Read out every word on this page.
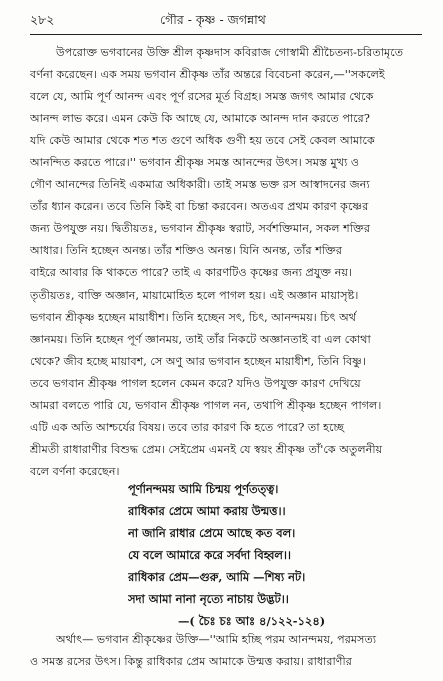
২৮২	গৌর - কৃষ্ণ - জগন্নাথ
উপরোক্ত ভগবানের উক্তি শ্রীল কৃষ্ণদাস কবিরাজ গোস্বামী শ্রীচৈতন্য-চরিতামৃতে
বর্ণনা করেছেন। এক সময় ভগবান শ্রীকৃষ্ণ তাঁর অন্তরে বিবেচনা করেন,—''সকলেই
বলে যে, আমি পূর্ণ আনন্দ এবং পূর্ণ রসের মূর্ত বিগ্রহ। সমস্ত জগৎ আমার থেকে
আনন্দ লাভ করে। এমন কেউ কি আছে যে, আমাকে আনন্দ দান করতে পারে?
যদি কেউ আমার থেকে শত শত গুণে অধিক গুণী হয় তবে সেই কেবল আমাকে
আনন্দিত করতে পারে।'' ভগবান শ্রীকৃষ্ণ সমস্ত আনন্দের উৎস। সমস্ত মুখ্য ও
গৌণ আনন্দের তিনিই একমাত্র অধিকারী। তাই সমস্ত ভক্ত রস আস্বাদনের জন্য
তাঁর ধ্যান করেন। তবে তিনি কিই বা চিন্তা করবেন। অতএব প্রথম কারণ কৃষ্ণের
জন্য উপযুক্ত নয়। দ্বিতীয়তঃ, ভগবান শ্রীকৃষ্ণ স্বরাট, সর্বশক্তিমান, সকল শক্তির
আধার। তিনি হচ্ছেন অনন্ত। তাঁর শক্তিও অনন্ত। যিনি অনন্ত, তাঁর শক্তির
বাইরে আবার কি থাকতে পারে? তাই এ কারণটিও কৃষ্ণের জন্য প্রযুক্ত নয়।
তৃতীয়তঃ, বাক্তি অজ্ঞান, মায়ামোহিত হলে পাগল হয়। এই অজ্ঞান মায়াসৃষ্ট।
ভগবান শ্রীকৃষ্ণ হচ্ছেন মায়াধীশ। তিনি হচ্ছেন সৎ, চিৎ, আনন্দময়। চিৎ অর্থ
জ্ঞানময়। তিনি হচ্ছেন পূর্ণ জ্ঞানময়, তাই তাঁর নিকটে অজ্ঞানতাই বা এল কোথা
থেকে? জীব হচ্ছে মায়াবশ, সে অণু আর ভগবান হচ্ছেন মায়াধীশ, তিনি বিষ্ণু।
তবে ভগবান শ্রীকৃষ্ণ পাগল হলেন কেমন করে? যদিও উপযুক্ত কারণ দেখিয়ে
আমরা বলতে পারি যে, ভগবান শ্রীকৃষ্ণ পাগল নন, তথাপি শ্রীকৃষ্ণ হচ্ছেন পাগল।
এটি এক অতি আশ্চর্যের বিষয়। তবে তার কারণ কি হতে পারে? তা হচ্ছে
শ্রীমতী রাধারাণীর বিশুদ্ধ প্রেম। সেইপ্রেম এমনই যে স্বয়ং শ্রীকৃষ্ণ তাঁ'কে অতুলনীয়
বলে বর্ণনা করেছেন।
পূর্ণানন্দময় আমি চিন্ময় পূর্ণতত্ত্ব।
রাধিকার প্রেমে আমা করায় উন্মত্ত।।
না জানি রাধার প্রেমে আছে কত বল।
যে বলে আমারে করে সর্বদা বিহ্বল।।
রাধিকার প্রেম—গুরু, আমি —শিষ্য নট।
সদা আমা নানা নৃত্যে নাচায় উদ্ভট।।
—( চৈঃ চঃ আঃ ৪/১২২-১২৪)
অর্থাৎ— ভগবান শ্রীকৃষ্ণের উক্তি—''আমি হচ্ছি পরম আনন্দময়, পরমসত্য
ও সমস্ত রসের উৎস। কিন্তু রাধিকার প্রেম আমাকে উন্মত্ত করায়। রাধারাণীর
